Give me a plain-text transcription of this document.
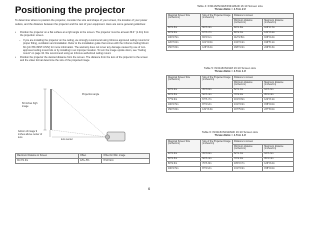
Positioning the projector
To determine where to position the projector, consider the size and shape of your screen, the location of your power outlets, and the distance between the projector and the rest of your equipment. Here are some general guidelines:
• Position the projector on a flat surface at a right angle to the screen. The projector must be at least 39.4" (1.0m) from the projection screen.
– If you are installing the projector on the ceiling, we strongly recommend using InFocus approved ceiling mounts for proper fitting, ventilation and installation. Refer to the installation guide that comes with the InFocus Ceiling Mount Kit (p/n PRJ-MNT-UNIV) for more information. The warranty does not cover any damage caused by use of non-approved ceiling mount kits or by installing in an improper location. To turn the image upside down, see "Ceiling mount" on page 34. We recommend using an InFocus authorized ceiling mount.
• Position the projector the desired distance from the screen. The distance from the lens of the projector to the screen and the video format determine the size of the projected image.
60 inches high image
Projection angle
bottom of image 9 inches above center of lens
lens center
Maximum Distance to Screen	Offset	Offset for 60in. image
39.4"/1.0m	125+-5%	9"/22.9cm
Table 4: IN3116/IN3118/IN3118HD 16:10 Screen size
Throw Ratio = 1.5 to 2.0
Diagonal Screen Size (inches/cm)	Size of the Projected Image (inches/cm)	Distance to screen	
		Minimum distance (inches/cm)	Maximum distance (inches/cm)
60"/1.5m	50"/1.3m	69"/1.8m	108"/2.7m
80"/2.0m	67"/1.7m	89"/2.3m	134"/3.4m
100"/2.5m	84"/2.1m	112"/2.8m	166"/4.2m
120"/3.0m	101"/2.6m	134"/3.4m	199"/5.1m
150"/3.8m	126"/3.2m	168"/4.3m	249"/6.3m
Table 5: IN3116/IN3118 16:10 Screen size
Throw Ratio = 1.5 to 1.8
Diagonal Screen Size (inches/cm)	Size of the Projected Image (inches/cm)	Distance to screen	
		Minimum distance (inches/cm)	Maximum distance (inches/cm)
40"/1.0m	35"/0.9m	52"/1.3m	63"/1.6m
60"/1.5m	52"/1.3m	79"/2.0m	95"/2.4m
77"/2.0m	67"/1.7m	101"/2.6m	122"/3.1m
100"/2.5m	87"/2.2m	131"/3.3m	158"/4.0m
150"/3.8m	131"/3.3m	197"/5.0m	237"/6.0m
Table 6: IN3116/IN3118HD 16:10 Screen size
Throw Ratio = 1.5 to 1.8
Diagonal Screen Size (inches/cm)	Size of the Projected Image (inches/cm)	Distance to screen	
		Minimum distance (inches/cm)	Maximum distance (inches/cm)
40"/1.0m	35"/0.9m	52"/1.3m	63"/1.6m
60"/1.5m	52"/1.3m	79"/2.0m	95"/2.4m
80"/2.0m	70"/1.8m	105"/2.7m	126"/3.2m
100"/2.5m	87"/2.2m	131"/3.3m	158"/4.0m
6
